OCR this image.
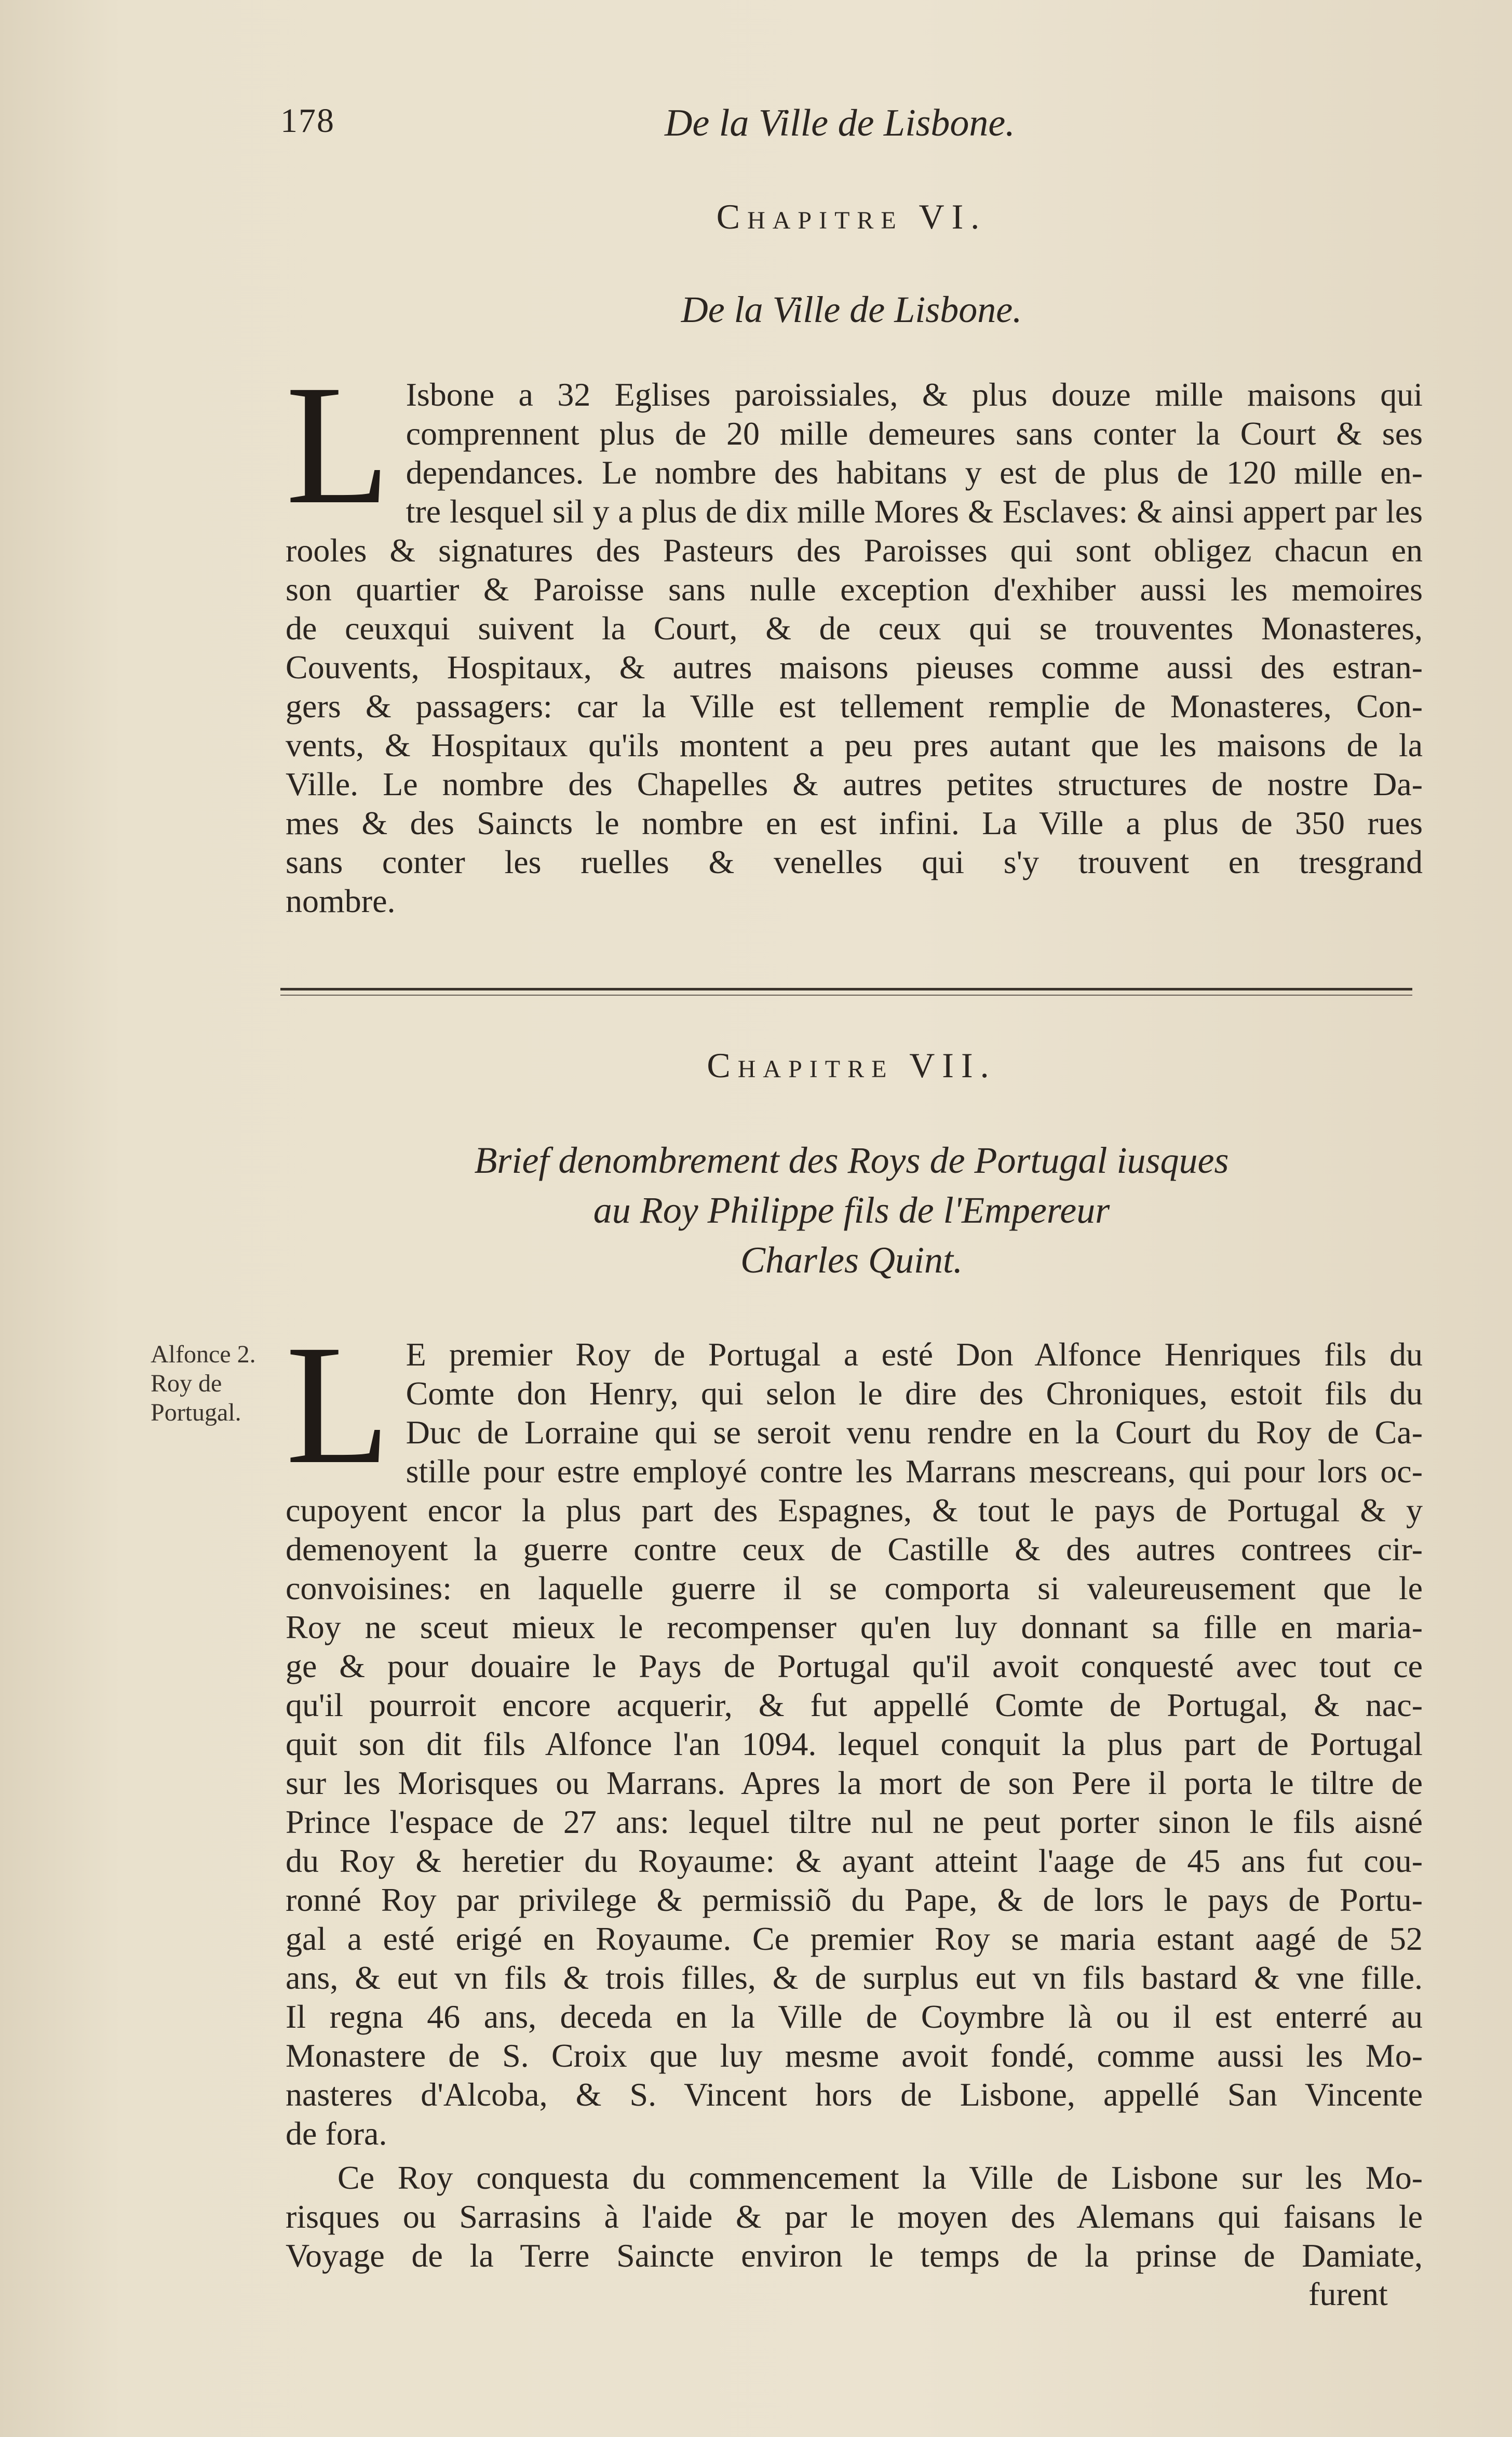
178	De la Ville de Lisbone.
Chapitre VI.
De la Ville de Lisbone.
L Isbone a 32 Eglises paroissiales, & plus douze mille maisons qui
comprennent plus de 20 mille demeures sans conter la Court & ses
dependances. Le nombre des habitans y est de plus de 120 mille en-
tre lesquel sil y a plus de dix mille Mores & Esclaves: & ainsi appert par les
rooles & signatures des Pasteurs des Paroisses qui sont obligez chacun en
son quartier & Paroisse sans nulle exception d'exhiber aussi les memoires
de ceuxqui suivent la Court, & de ceux qui se trouventes Monasteres,
Couvents, Hospitaux, & autres maisons pieuses comme aussi des estran-
gers & passagers: car la Ville est tellement remplie de Monasteres, Con-
vents, & Hospitaux qu'ils montent a peu pres autant que les maisons de la
Ville. Le nombre des Chapelles & autres petites structures de nostre Da-
mes & des Saincts le nombre en est infini. La Ville a plus de 350 rues
sans conter les ruelles & venelles qui s'y trouvent en tresgrand
nombre.
Chapitre VII.
Brief denombrement des Roys de Portugal iusques
au Roy Philippe fils de l'Empereur
Charles Quint.
Alfonce 2.
Roy de
Portugal. L E premier Roy de Portugal a esté Don Alfonce Henriques fils du
Comte don Henry, qui selon le dire des Chroniques, estoit fils du
Duc de Lorraine qui se seroit venu rendre en la Court du Roy de Ca-
stille pour estre employé contre les Marrans mescreans, qui pour lors oc-
cupoyent encor la plus part des Espagnes, & tout le pays de Portugal & y
demenoyent la guerre contre ceux de Castille & des autres contrees cir-
convoisines: en laquelle guerre il se comporta si valeureusement que le
Roy ne sceut mieux le recompenser qu'en luy donnant sa fille en maria-
ge & pour douaire le Pays de Portugal qu'il avoit conquesté avec tout ce
qu'il pourroit encore acquerir, & fut appellé Comte de Portugal, & nac-
quit son dit fils Alfonce l'an 1094. lequel conquit la plus part de Portugal
sur les Morisques ou Marrans. Apres la mort de son Pere il porta le tiltre de
Prince l'espace de 27 ans: lequel tiltre nul ne peut porter sinon le fils aisné
du Roy & heretier du Royaume: & ayant atteint l'aage de 45 ans fut cou-
ronné Roy par privilege & permissiõ du Pape, & de lors le pays de Portu-
gal a esté erigé en Royaume. Ce premier Roy se maria estant aagé de 52
ans, & eut vn fils & trois filles, & de surplus eut vn fils bastard & vne fille.
Il regna 46 ans, deceda en la Ville de Coymbre là ou il est enterré au
Monastere de S. Croix que luy mesme avoit fondé, comme aussi les Mo-
nasteres d'Alcoba, & S. Vincent hors de Lisbone, appellé San Vincente
de fora.
Ce Roy conquesta du commencement la Ville de Lisbone sur les Mo-
risques ou Sarrasins à l'aide & par le moyen des Alemans qui faisans le
Voyage de la Terre Saincte environ le temps de la prinse de Damiate,
furent
